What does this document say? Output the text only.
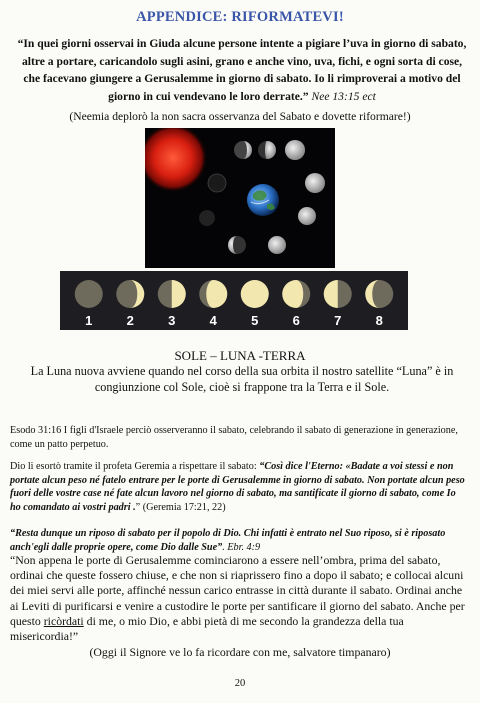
APPENDICE: RIFORMATEVI!
“In quei giorni osservai in Giuda alcune persone intente a pigiare l’uva in giorno di sabato, altre a portare, caricandolo sugli asini, grano e anche vino, uva, fichi, e ogni sorta di cose, che facevano giungere a Gerusalemme in giorno di sabato. Io li rimproverai a motivo del giorno in cui vendevano le loro derrate.” Nee 13:15 ect
(Neemia deplorò la non sacra osservanza del Sabato e dovette riformare!)
1	2	3	4	5	6	7	8
SOLE – LUNA -TERRA
La Luna nuova avviene quando nel corso della sua orbita il nostro satellite “Luna” è in congiunzione col Sole, cioè si frappone tra la Terra e il Sole.
Esodo 31:16 I figli d'Israele perciò osserveranno il sabato, celebrando il sabato di generazione in generazione, come un patto perpetuo.
Dio li esortò tramite il profeta Geremia a rispettare il sabato: “Così dice l'Eterno: «Badate a voi stessi e non portate alcun peso né fatelo entrare per le porte di Gerusalemme in giorno di sabato. Non portate alcun peso fuori delle vostre case né fate alcun lavoro nel giorno di sabato, ma santificate il giorno di sabato, come Io ho comandato ai vostri padri .” (Geremia 17:21, 22)
“Resta dunque un riposo di sabato per il popolo di Dio. Chi infatti è entrato nel Suo riposo, si è riposato anch'egli dalle proprie opere, come Dio dalle Sue”. Ebr. 4:9
“Non appena le porte di Gerusalemme cominciarono a essere nell’ombra, prima del sabato, ordinai che queste fossero chiuse, e che non si riaprissero fino a dopo il sabato; e collocai alcuni dei miei servi alle porte, affinché nessun carico entrasse in città durante il sabato. Ordinai anche ai Leviti di purificarsi e venire a custodire le porte per santificare il giorno del sabato. Anche per questo ricòrdati di me, o mio Dio, e abbi pietà di me secondo la grandezza della tua misericordia!”
(Oggi il Signore ve lo fa ricordare con me, salvatore timpanaro)
20
